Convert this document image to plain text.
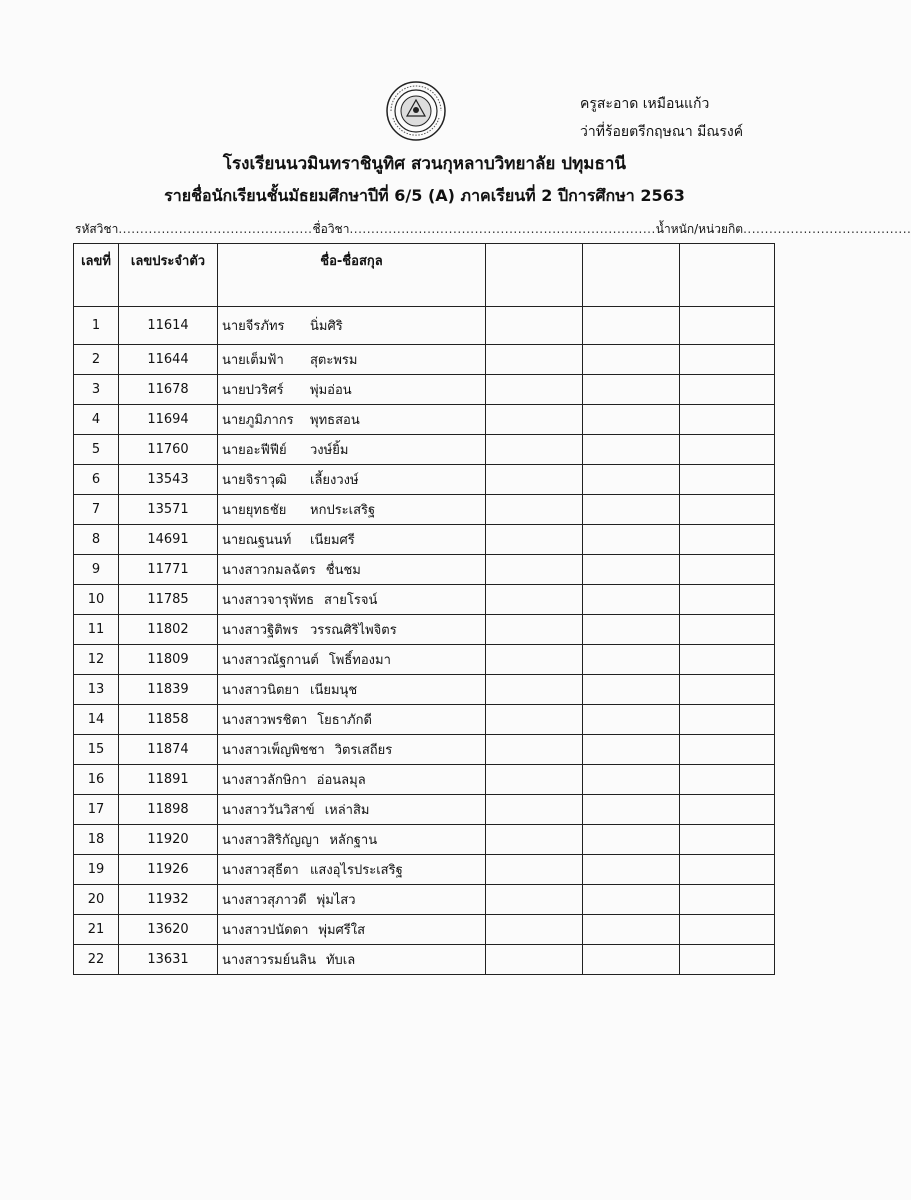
ครูสะอาด เหมือนแก้ว
ว่าที่ร้อยตรีกฤษณา มีณรงค์
โรงเรียนนวมินทราชินูทิศ สวนกุหลาบวิทยาลัย ปทุมธานี
รายชื่อนักเรียนชั้นมัธยมศึกษาปีที่ 6/5 (A) ภาคเรียนที่ 2 ปีการศึกษา 2563
รหัสวิชา.............................................ชื่อวิชา.......................................................................น้ำหนัก/หน่วยกิต.......................................
เลขที่	เลขประจำตัว	ชื่อ-ชื่อสกุล			
1	11614	นายจีรภัทร นิ่มศิริ			
2	11644	นายเต็มฟ้า สุตะพรม			
3	11678	นายปวริศร์ พุ่มอ่อน			
4	11694	นายภูมิภากร พุทธสอน			
5	11760	นายอะฟีฟีย์ วงษ์ยิ้ม			
6	13543	นายจิราวุฒิ เลี้ยงวงษ์			
7	13571	นายยุทธชัย หกประเสริฐ			
8	14691	นายณฐนนท์ เนียมศรี			
9	11771	นางสาวกมลฉัตร ชื่นชม			
10	11785	นางสาวจารุพัทธ สายโรจน์			
11	11802	นางสาวฐิติพร วรรณศิริไพจิตร			
12	11809	นางสาวณัฐกานต์ โพธิ์ทองมา			
13	11839	นางสาวนิตยา เนียมนุช			
14	11858	นางสาวพรชิตา โยธาภักดี			
15	11874	นางสาวเพ็ญพิชชา วิตรเสถียร			
16	11891	นางสาวลักษิกา อ่อนลมุล			
17	11898	นางสาววันวิสาข์ เหล่าสิม			
18	11920	นางสาวสิริกัญญา หลักฐาน			
19	11926	นางสาวสุธีตา แสงอุไรประเสริฐ			
20	11932	นางสาวสุภาวดี พุ่มไสว			
21	13620	นางสาวปนัดดา พุ่มศรีใส			
22	13631	นางสาวรมย์นลิน ทับเล			
